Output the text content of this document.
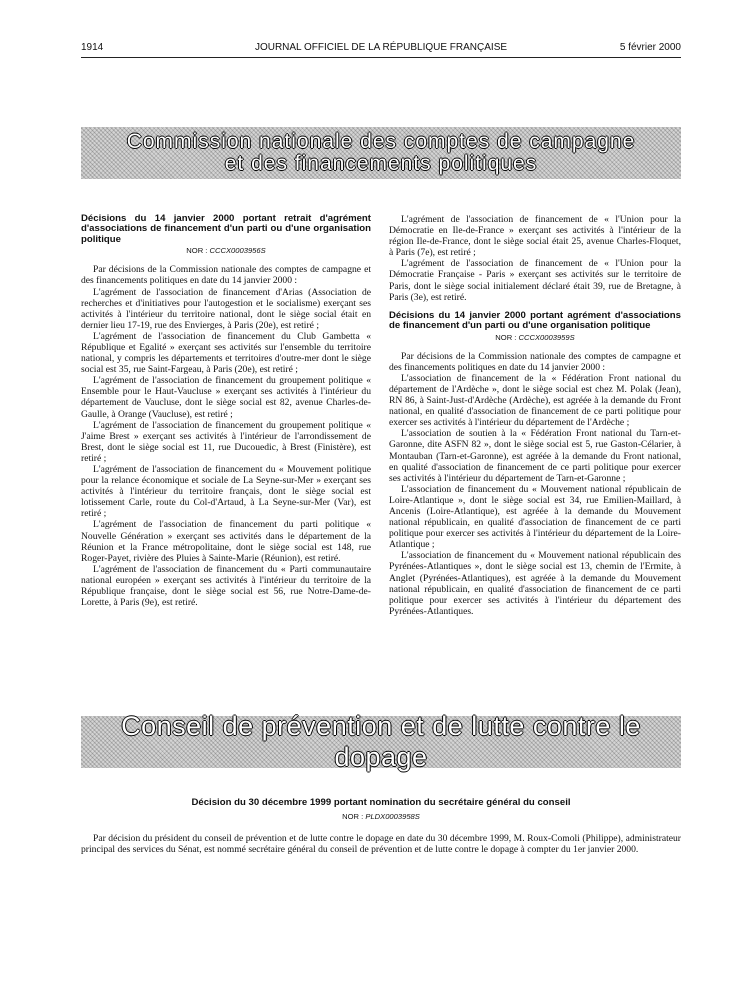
1914	JOURNAL OFFICIEL DE LA RÉPUBLIQUE FRANÇAISE	5 février 2000
Commission nationale des comptes de campagne
et des financements politiques

Décisions du 14 janvier 2000 portant retrait d'agrément d'associations de financement d'un parti ou d'une organisation politique

NOR : CCCX0003956S

Par décisions de la Commission nationale des comptes de campagne et des financements politiques en date du 14 janvier 2000 :

L'agrément de l'association de financement d'Arias (Association de recherches et d'initiatives pour l'autogestion et le socialisme) exerçant ses activités à l'intérieur du territoire national, dont le siège social était en dernier lieu 17-19, rue des Envierges, à Paris (20e), est retiré ;

L'agrément de l'association de financement du Club Gambetta « République et Egalité » exerçant ses activités sur l'ensemble du territoire national, y compris les départements et territoires d'outre-mer dont le siège social est 35, rue Saint-Fargeau, à Paris (20e), est retiré ;

L'agrément de l'association de financement du groupement politique « Ensemble pour le Haut-Vaucluse » exerçant ses activités à l'intérieur du département de Vaucluse, dont le siège social est 82, avenue Charles-de-Gaulle, à Orange (Vaucluse), est retiré ;

L'agrément de l'association de financement du groupement politique « J'aime Brest » exerçant ses activités à l'intérieur de l'arrondissement de Brest, dont le siège social est 11, rue Ducouedic, à Brest (Finistère), est retiré ;

L'agrément de l'association de financement du « Mouvement politique pour la relance économique et sociale de La Seyne-sur-Mer » exerçant ses activités à l'intérieur du territoire français, dont le siège social est lotissement Carle, route du Col-d'Artaud, à La Seyne-sur-Mer (Var), est retiré ;

L'agrément de l'association de financement du parti politique « Nouvelle Génération » exerçant ses activités dans le département de la Réunion et la France métropolitaine, dont le siège social est 148, rue Roger-Payet, rivière des Pluies à Sainte-Marie (Réunion), est retiré.

L'agrément de l'association de financement du « Parti communautaire national européen » exerçant ses activités à l'intérieur du territoire de la République française, dont le siège social est 56, rue Notre-Dame-de-Lorette, à Paris (9e), est retiré.

L'agrément de l'association de financement de « l'Union pour la Démocratie en Ile-de-France » exerçant ses activités à l'intérieur de la région Ile-de-France, dont le siège social était 25, avenue Charles-Floquet, à Paris (7e), est retiré ;

L'agrément de l'association de financement de « l'Union pour la Démocratie Française - Paris » exerçant ses activités sur le territoire de Paris, dont le siège social initialement déclaré était 39, rue de Bretagne, à Paris (3e), est retiré.

Décisions du 14 janvier 2000 portant agrément d'associations de financement d'un parti ou d'une organisation politique

NOR : CCCX0003959S

Par décisions de la Commission nationale des comptes de campagne et des financements politiques en date du 14 janvier 2000 :

L'association de financement de la « Fédération Front national du département de l'Ardèche », dont le siège social est chez M. Polak (Jean), RN 86, à Saint-Just-d'Ardèche (Ardèche), est agréée à la demande du Front national, en qualité d'association de financement de ce parti politique pour exercer ses activités à l'intérieur du département de l'Ardèche ;

L'association de soutien à la « Fédération Front national du Tarn-et-Garonne, dite ASFN 82 », dont le siège social est 5, rue Gaston-Célarier, à Montauban (Tarn-et-Garonne), est agréée à la demande du Front national, en qualité d'association de financement de ce parti politique pour exercer ses activités à l'intérieur du département de Tarn-et-Garonne ;

L'association de financement du « Mouvement national républicain de Loire-Atlantique », dont le siège social est 34, rue Emilien-Maillard, à Ancenis (Loire-Atlantique), est agréée à la demande du Mouvement national républicain, en qualité d'association de financement de ce parti politique pour exercer ses activités à l'intérieur du département de la Loire-Atlantique ;

L'association de financement du « Mouvement national républicain des Pyrénées-Atlantiques », dont le siège social est 13, chemin de l'Ermite, à Anglet (Pyrénées-Atlantiques), est agréée à la demande du Mouvement national républicain, en qualité d'association de financement de ce parti politique pour exercer ses activités à l'intérieur du département des Pyrénées-Atlantiques.

Conseil de prévention et de lutte contre le dopage
Décision du 30 décembre 1999 portant nomination du secrétaire général du conseil
NOR : PLDX0003958S
Par décision du président du conseil de prévention et de lutte contre le dopage en date du 30 décembre 1999, M. Roux-Comoli (Philippe), administrateur principal des services du Sénat, est nommé secrétaire général du conseil de prévention et de lutte contre le dopage à compter du 1er janvier 2000.
